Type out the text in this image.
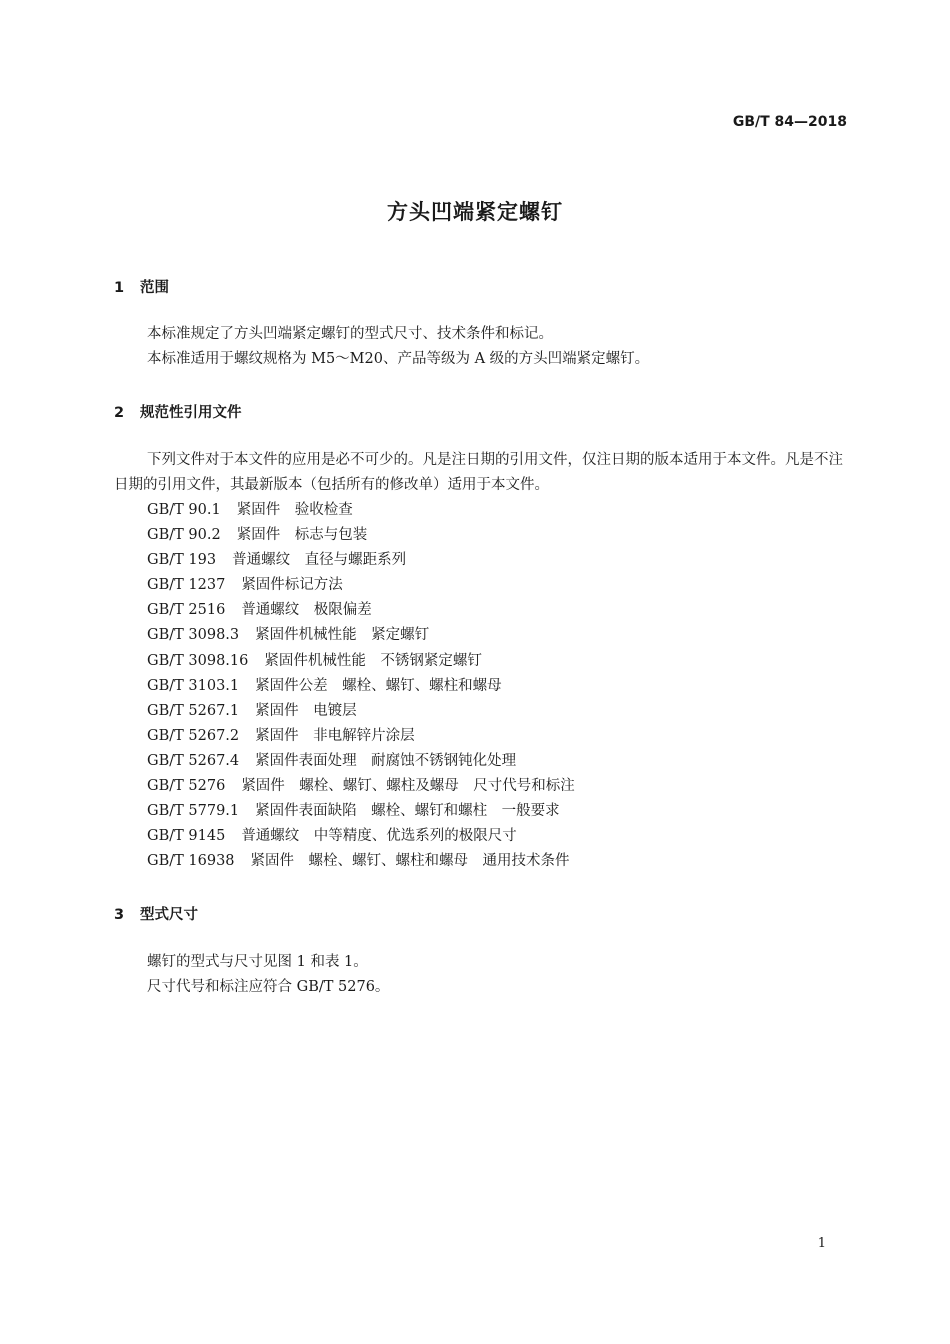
GB/T 84—2018
方头凹端紧定螺钉
1 范围
本标准规定了方头凹端紧定螺钉的型式尺寸、技术条件和标记。
本标准适用于螺纹规格为 M5～M20、产品等级为 A 级的方头凹端紧定螺钉。
2 规范性引用文件
下列文件对于本文件的应用是必不可少的。凡是注日期的引用文件，仅注日期的版本适用于本文件。凡是不注日期的引用文件，其最新版本（包括所有的修改单）适用于本文件。
GB/T 90.1 紧固件　验收检查
GB/T 90.2 紧固件　标志与包装
GB/T 193 普通螺纹　直径与螺距系列
GB/T 1237 紧固件标记方法
GB/T 2516 普通螺纹　极限偏差
GB/T 3098.3 紧固件机械性能　紧定螺钉
GB/T 3098.16 紧固件机械性能　不锈钢紧定螺钉
GB/T 3103.1 紧固件公差　螺栓、螺钉、螺柱和螺母
GB/T 5267.1 紧固件　电镀层
GB/T 5267.2 紧固件　非电解锌片涂层
GB/T 5267.4 紧固件表面处理　耐腐蚀不锈钢钝化处理
GB/T 5276 紧固件　螺栓、螺钉、螺柱及螺母　尺寸代号和标注
GB/T 5779.1 紧固件表面缺陷　螺栓、螺钉和螺柱　一般要求
GB/T 9145 普通螺纹　中等精度、优选系列的极限尺寸
GB/T 16938 紧固件　螺栓、螺钉、螺柱和螺母　通用技术条件
3 型式尺寸
螺钉的型式与尺寸见图 1 和表 1。
尺寸代号和标注应符合 GB/T 5276。
1
